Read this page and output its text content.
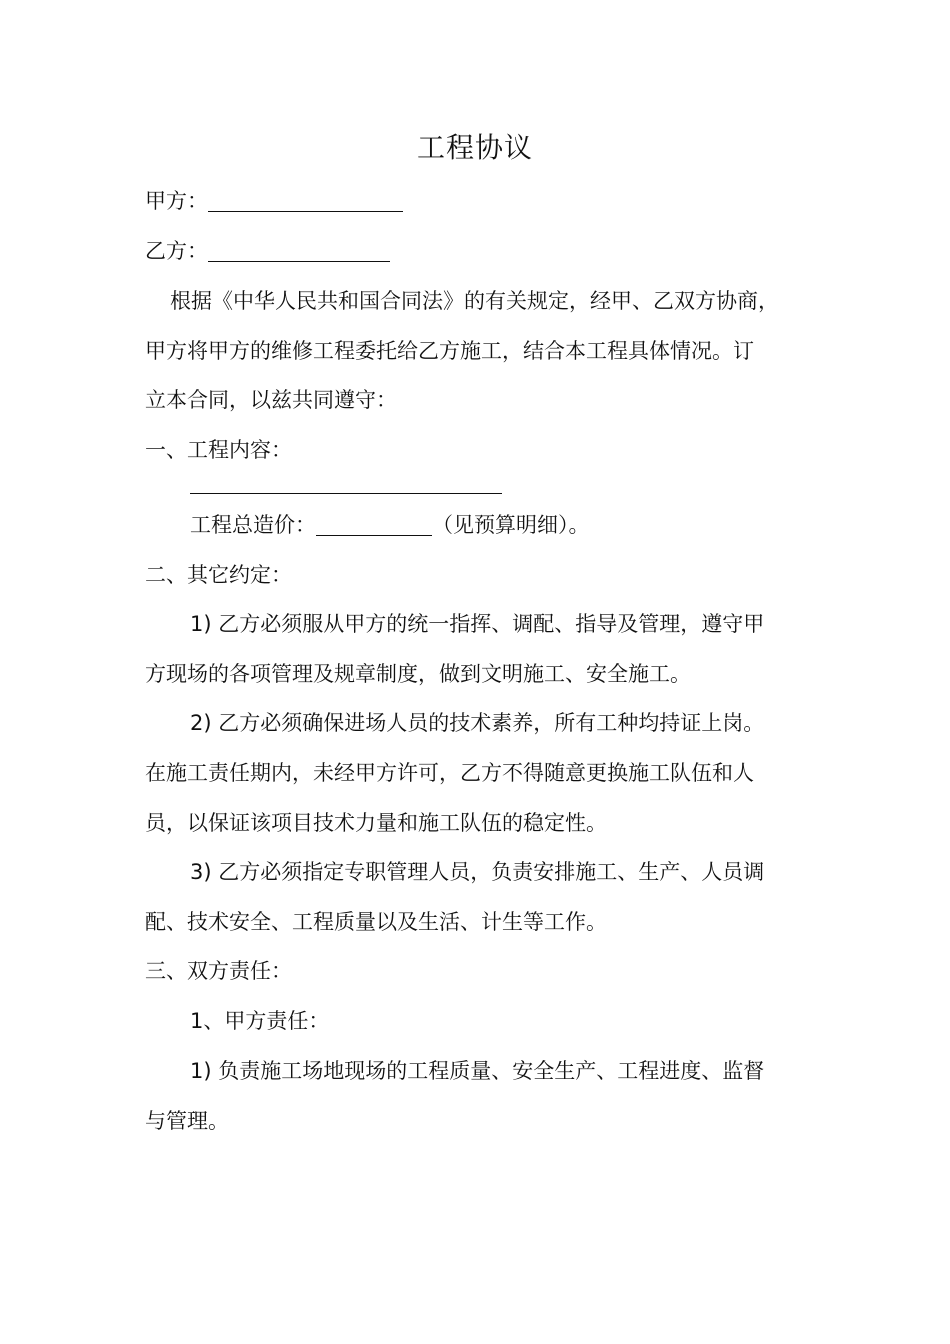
工程协议
甲方：
乙方：
根据《中华人民共和国合同法》的有关规定，经甲、乙双方协商，
甲方将甲方的维修工程委托给乙方施工，结合本工程具体情况。订
立本合同，以兹共同遵守：
一、工程内容：
工程总造价：	（见预算明细）。
二、其它约定：
1) 乙方必须服从甲方的统一指挥、调配、指导及管理，遵守甲
方现场的各项管理及规章制度，做到文明施工、安全施工。
2) 乙方必须确保进场人员的技术素养，所有工种均持证上岗。
在施工责任期内，未经甲方许可，乙方不得随意更换施工队伍和人
员，以保证该项目技术力量和施工队伍的稳定性。
3) 乙方必须指定专职管理人员，负责安排施工、生产、人员调
配、技术安全、工程质量以及生活、计生等工作。
三、双方责任：
1、甲方责任：
1) 负责施工场地现场的工程质量、安全生产、工程进度、监督
与管理。
